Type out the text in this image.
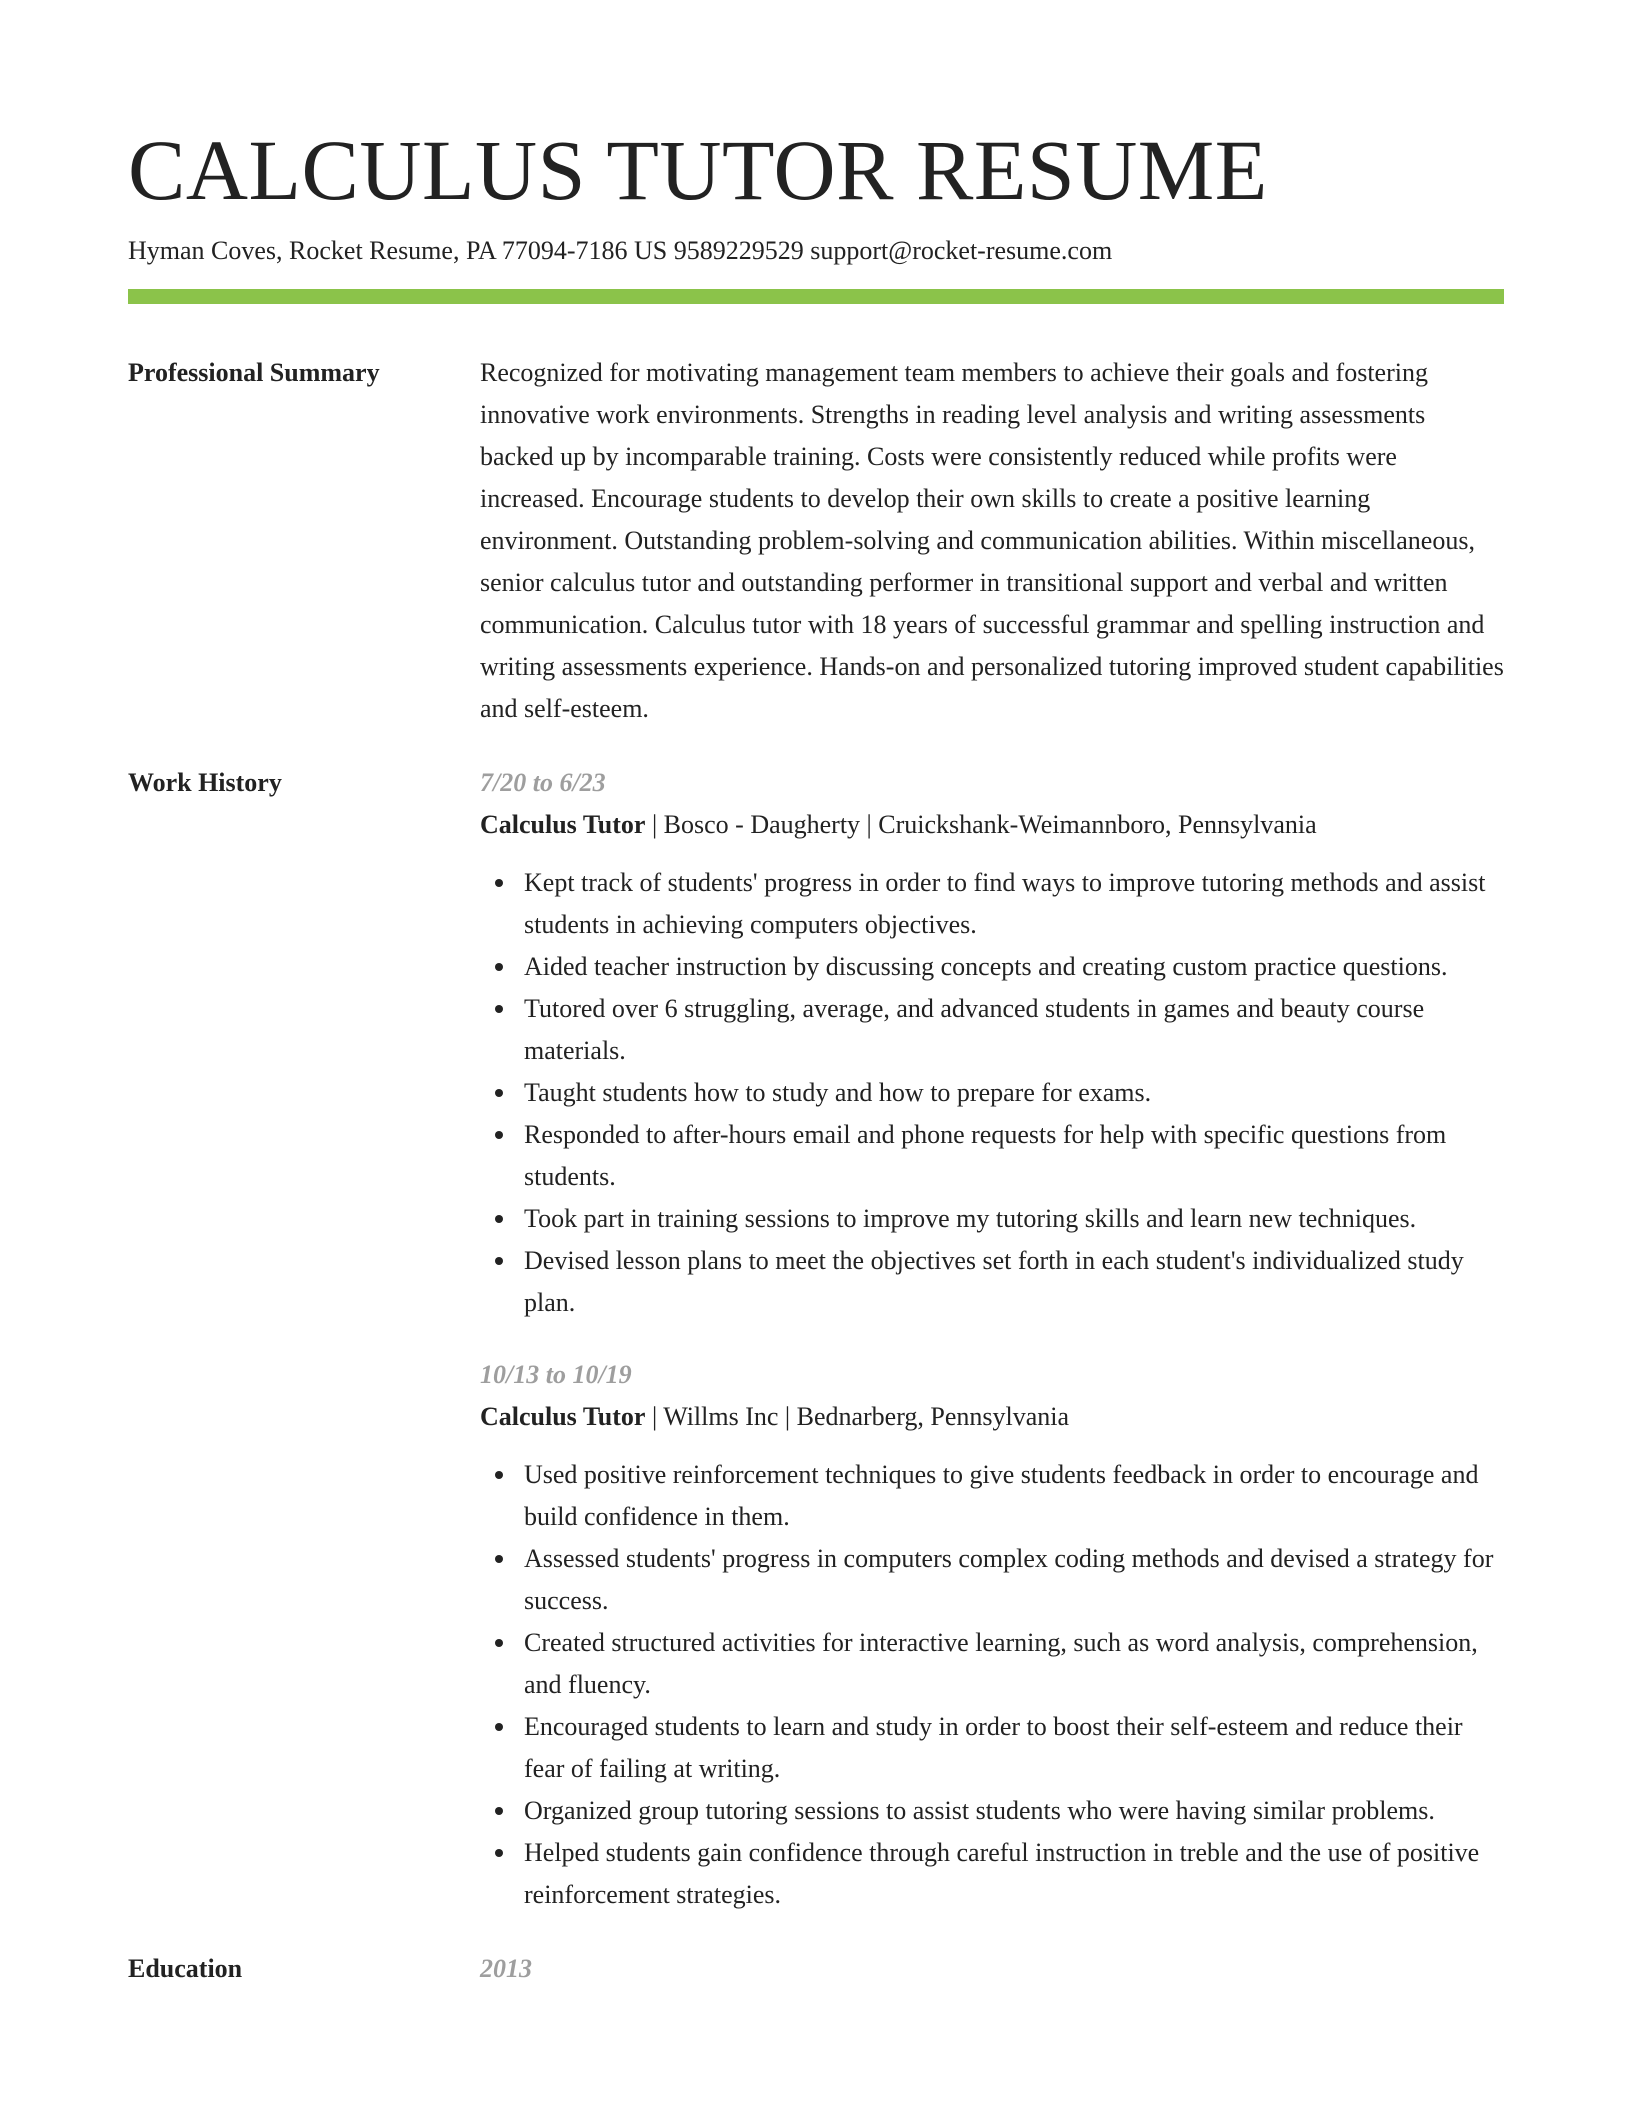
CALCULUS TUTOR RESUME
Hyman Coves, Rocket Resume, PA 77094-7186 US 9589229529 support@rocket-resume.com
Professional Summary	Recognized for motivating management team members to achieve their goals and fostering innovative work environments. Strengths in reading level analysis and writing assessments backed up by incomparable training. Costs were consistently reduced while profits were increased. Encourage students to develop their own skills to create a positive learning environment. Outstanding problem-solving and communication abilities. Within miscellaneous, senior calculus tutor and outstanding performer in transitional support and verbal and written communication. Calculus tutor with 18 years of successful grammar and spelling instruction and writing assessments experience. Hands-on and personalized tutoring improved student capabilities and self-esteem.

Work History	7/20 to 6/23
Calculus Tutor | Bosco - Daugherty | Cruickshank-Weimannboro, Pennsylvania
Kept track of students' progress in order to find ways to improve tutoring methods and assist students in achieving computers objectives.
Aided teacher instruction by discussing concepts and creating custom practice questions.
Tutored over 6 struggling, average, and advanced students in games and beauty course materials.
Taught students how to study and how to prepare for exams.
Responded to after-hours email and phone requests for help with specific questions from students.
Took part in training sessions to improve my tutoring skills and learn new techniques.
Devised lesson plans to meet the objectives set forth in each student's individualized study plan.
10/13 to 10/19
Calculus Tutor | Willms Inc | Bednarberg, Pennsylvania
Used positive reinforcement techniques to give students feedback in order to encourage and build confidence in them.
Assessed students' progress in computers complex coding methods and devised a strategy for success.
Created structured activities for interactive learning, such as word analysis, comprehension, and fluency.
Encouraged students to learn and study in order to boost their self-esteem and reduce their fear of failing at writing.
Organized group tutoring sessions to assist students who were having similar problems.
Helped students gain confidence through careful instruction in treble and the use of positive reinforcement strategies.
Education	2013
